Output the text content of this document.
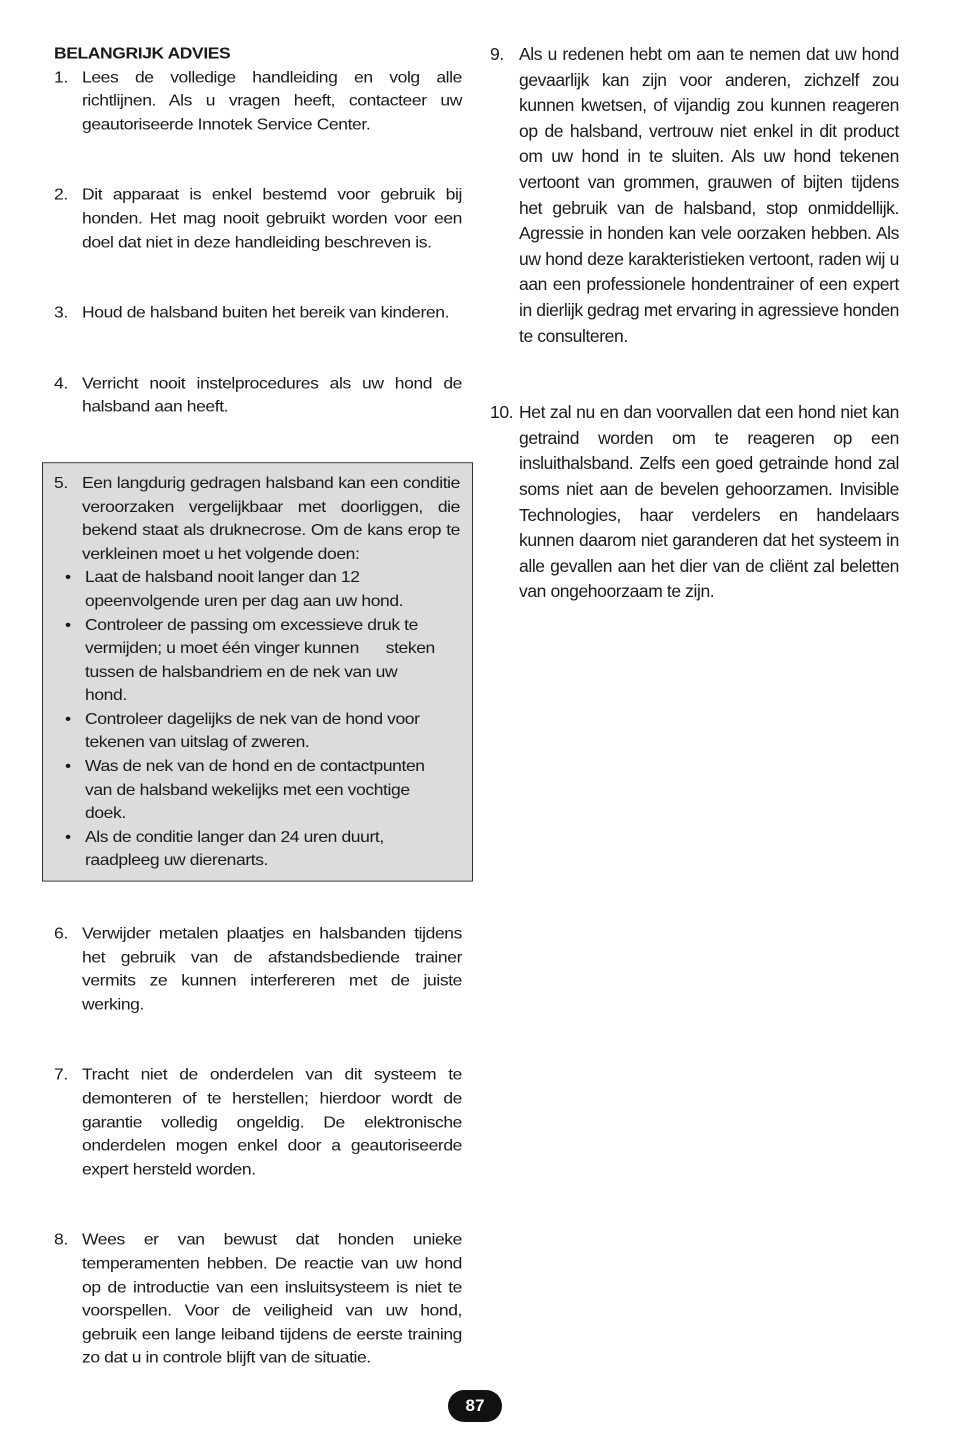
BELANGRIJK ADVIES

1. Lees de volledige handleiding en volg alle richtlijnen. Als u vragen heeft, contacteer uw geautoriseerde Innotek Service Center.
2. Dit apparaat is enkel bestemd voor gebruik bij honden. Het mag nooit gebruikt worden voor een doel dat niet in deze handleiding beschreven is.
3. Houd de halsband buiten het bereik van kinderen.
4. Verricht nooit instelprocedures als uw hond de halsband aan heeft.
5. Een langdurig gedragen halsband kan een conditie veroorzaken vergelijkbaar met doorliggen, die bekend staat als druknecrose. Om de kans erop te verkleinen moet u het volgende doen:
• Laat de halsband nooit langer dan 12 opeenvolgende uren per dag aan uw hond.
• Controleer de passing om excessieve druk te vermijden; u moet één vinger kunnen      steken tussen de halsbandriem en de nek van uw hond.
• Controleer dagelijks de nek van de hond voor tekenen van uitslag of zweren.
• Was de nek van de hond en de contactpunten van de halsband wekelijks met een vochtige doek.
• Als de conditie langer dan 24 uren duurt, raadpleeg uw dierenarts.
6. Verwijder metalen plaatjes en halsbanden tijdens het gebruik van de afstandsbediende trainer vermits ze kunnen interfereren met de juiste werking.
7. Tracht niet de onderdelen van dit systeem te demonteren of te herstellen; hierdoor wordt de garantie volledig ongeldig. De elektronische onderdelen mogen enkel door a geautoriseerde expert hersteld worden.
8. Wees er van bewust dat honden unieke temperamenten hebben. De reactie van uw hond op de introductie van een insluitsysteem is niet te voorspellen. Voor de veiligheid van uw hond, gebruik een lange leiband tijdens de eerste training zo dat u in controle blijft van de situatie.
9. Als u redenen hebt om aan te nemen dat uw hond gevaarlijk kan zijn voor anderen, zichzelf zou kunnen kwetsen, of vijandig zou kunnen reageren op de halsband, vertrouw niet enkel in dit product om uw hond in te sluiten. Als uw hond tekenen vertoont van grommen, grauwen of bijten tijdens het gebruik van de halsband, stop onmiddellijk. Agressie in honden kan vele oorzaken hebben. Als uw hond deze karakteristieken vertoont, raden wij u aan een professionele hondentrainer of een expert in dierlijk gedrag met ervaring in agressieve honden te consulteren.
10. Het zal nu en dan voorvallen dat een hond niet kan getraind worden om te reageren op een insluithalsband. Zelfs een goed getrainde hond zal soms niet aan de bevelen gehoorzamen. Invisible Technologies, haar verdelers en handelaars kunnen daarom niet garanderen dat het systeem in alle gevallen aan het dier van de cliënt zal beletten van ongehoorzaam te zijn.
87
